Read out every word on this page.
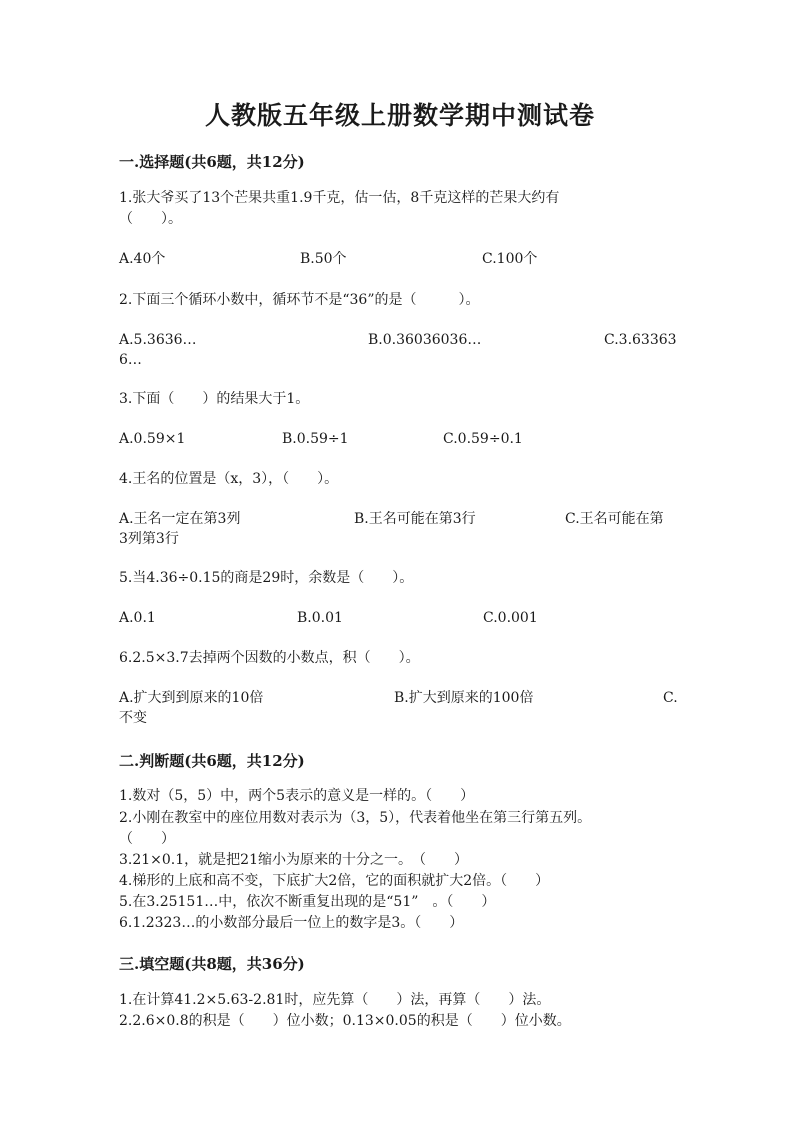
人教版五年级上册数学期中测试卷
一.选择题(共6题，共12分)
1.张大爷买了13个芒果共重1.9千克，估一估，8千克这样的芒果大约有
（　　）。
A.40个	B.50个	C.100个
2.下面三个循环小数中，循环节不是“36”的是（　　　）。
A.5.3636…	B.0.36036036…	C.3.63363
6…
3.下面（　　）的结果大于1。
A.0.59×1	B.0.59÷1	C.0.59÷0.1
4.王名的位置是（x，3），（　　）。
A.王名一定在第3列	B.王名可能在第3行	C.王名可能在第
3列第3行
5.当4.36÷0.15的商是29时，余数是（　　）。
A.0.1	B.0.01	C.0.001
6.2.5×3.7去掉两个因数的小数点，积（　　）。
A.扩大到到原来的10倍	B.扩大到原来的100倍	C.
不变
二.判断题(共6题，共12分)
1.数对（5，5）中，两个5表示的意义是一样的。（　　）
2.小刚在教室中的座位用数对表示为（3，5），代表着他坐在第三行第五列。
（　　）
3.21×0.1，就是把21缩小为原来的十分之一。　（　　）
4.梯形的上底和高不变，下底扩大2倍，它的面积就扩大2倍。（　　）
5.在3.25151…中，依次不断重复出现的是“51”　。（　　）
6.1.2323…的小数部分最后一位上的数字是3。（　　）
三.填空题(共8题，共36分)
1.在计算41.2×5.63-2.81时，应先算（　　）法，再算（　　）法。
2.2.6×0.8的积是（　　）位小数；0.13×0.05的积是（　　）位小数。
